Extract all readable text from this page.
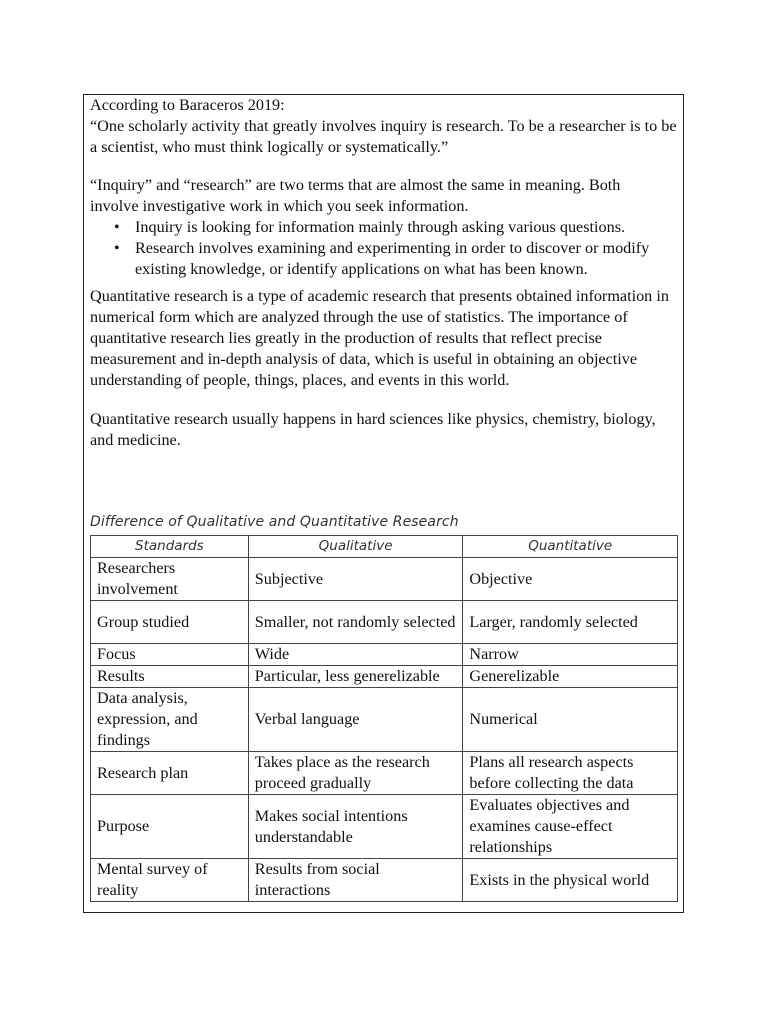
According to Baraceros 2019:

“One scholarly activity that greatly involves inquiry is research. To be a researcher is to be a scientist, who must think logically or systematically.”

“Inquiry” and “research” are two terms that are almost the same in meaning. Both

involve investigative work in which you seek information.

• Inquiry is looking for information mainly through asking various questions.
• Research involves examining and experimenting in order to discover or modify existing knowledge, or identify applications on what has been known.

Quantitative research is a type of academic research that presents obtained information in numerical form which are analyzed through the use of statistics. The importance of quantitative research lies greatly in the production of results that reflect precise measurement and in-depth analysis of data, which is useful in obtaining an objective understanding of people, things, places, and events in this world.

Quantitative research usually happens in hard sciences like physics, chemistry, biology, and medicine.

Difference of Qualitative and Quantitative Research
Standards	Qualitative	Quantitative
Researchers involvement	Subjective	Objective
Group studied	Smaller, not randomly selected	Larger, randomly selected
Focus	Wide	Narrow
Results	Particular, less generelizable	Generelizable
Data analysis, expression, and findings	Verbal language	Numerical
Research plan	Takes place as the research proceed gradually	Plans all research aspects before collecting the data
Purpose	Makes social intentions understandable	Evaluates objectives and examines cause-effect relationships
Mental survey of reality	Results from social interactions	Exists in the physical world
